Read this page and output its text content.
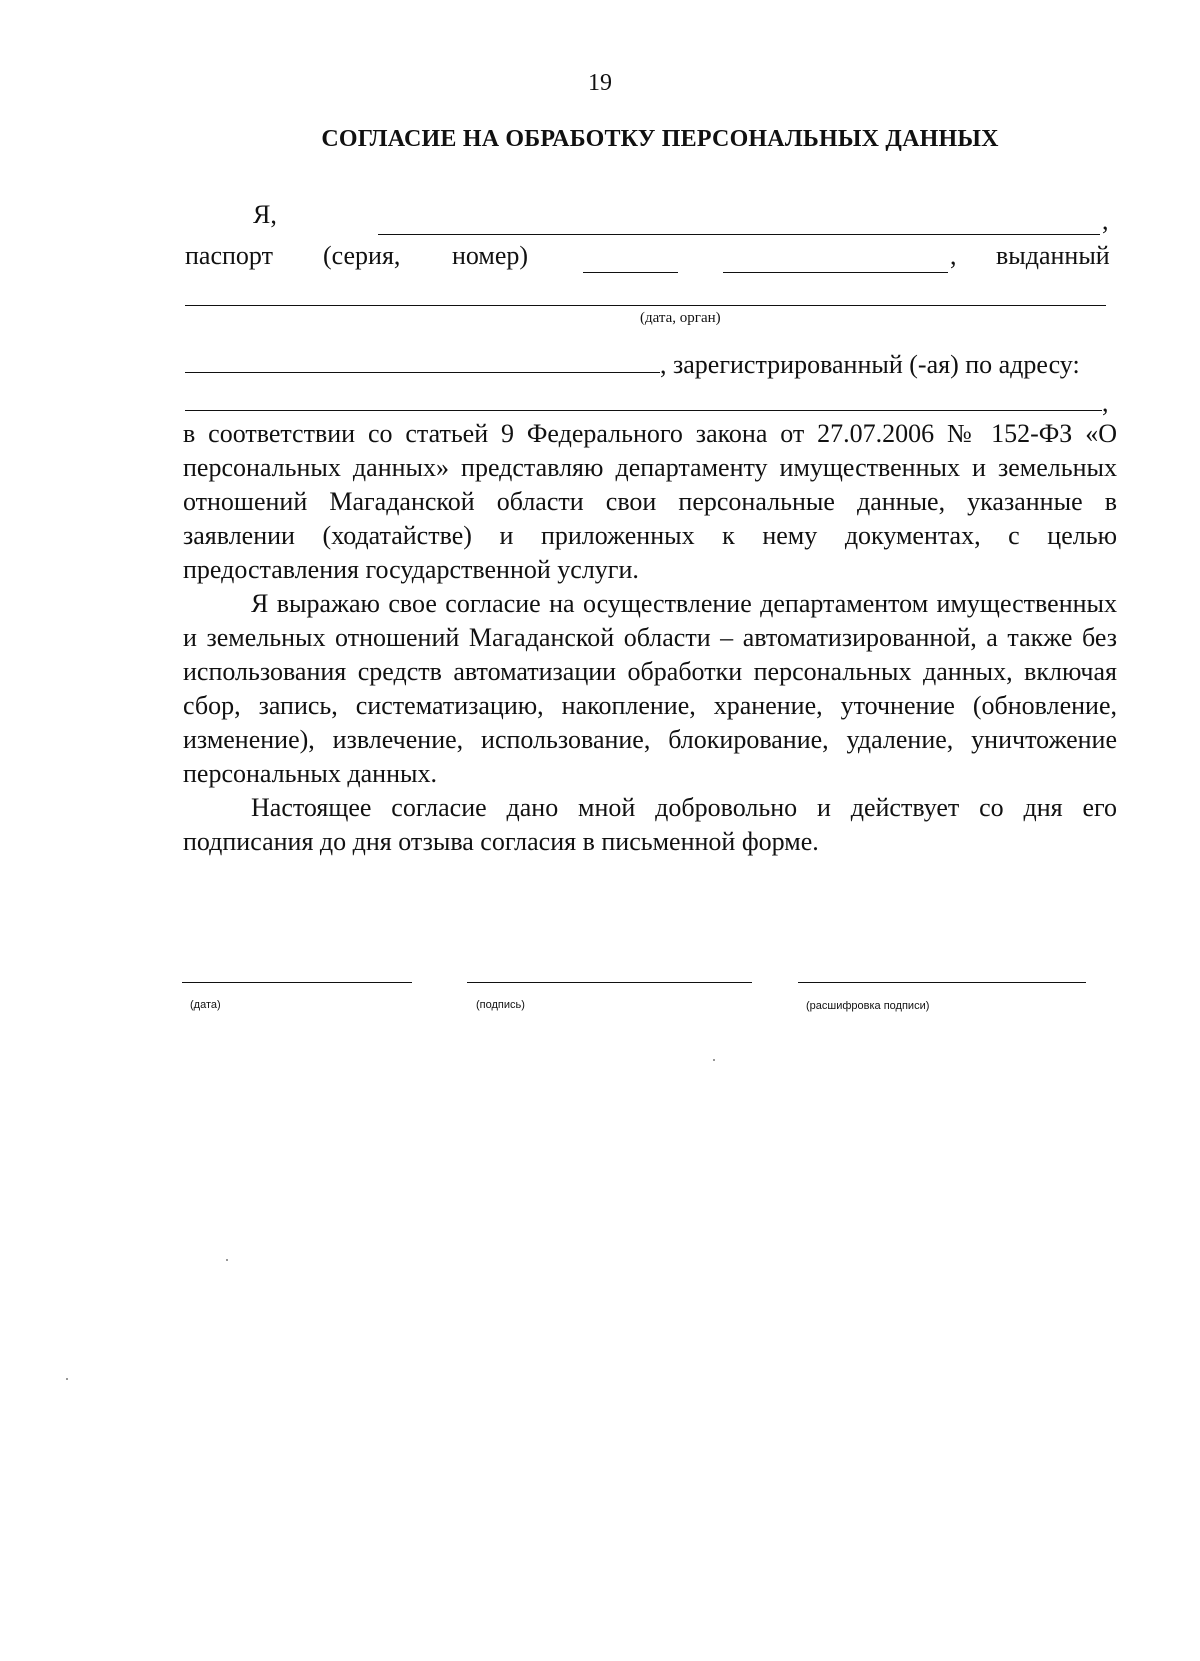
19
СОГЛАСИЕ НА ОБРАБОТКУ ПЕРСОНАЛЬНЫХ ДАННЫХ
Я,	,
паспорт (серия, номер)	, выданный
(дата, орган)
, зарегистрированный (-ая) по адресу:
,

в соответствии со статьей 9 Федерального закона от 27.07.2006 № 152-ФЗ «О персональных данных» представляю департаменту имущественных и земельных отношений Магаданской области свои персональные данные, указанные в заявлении (ходатайстве) и приложенных к нему документах, с целью предоставления государственной услуги.

Я выражаю свое согласие на осуществление департаментом имущественных и земельных отношений Магаданской области – автоматизированной, а также без использования средств автоматизации обработки персональных данных, включая сбор, запись, систематизацию, накопление, хранение, уточнение (обновление, изменение), извлечение, использование, блокирование, удаление, уничтожение персональных данных.

Настоящее согласие дано мной добровольно и действует со дня его подписания до дня отзыва согласия в письменной форме.

(дата)	(подпись)	(расшифровка подписи)
